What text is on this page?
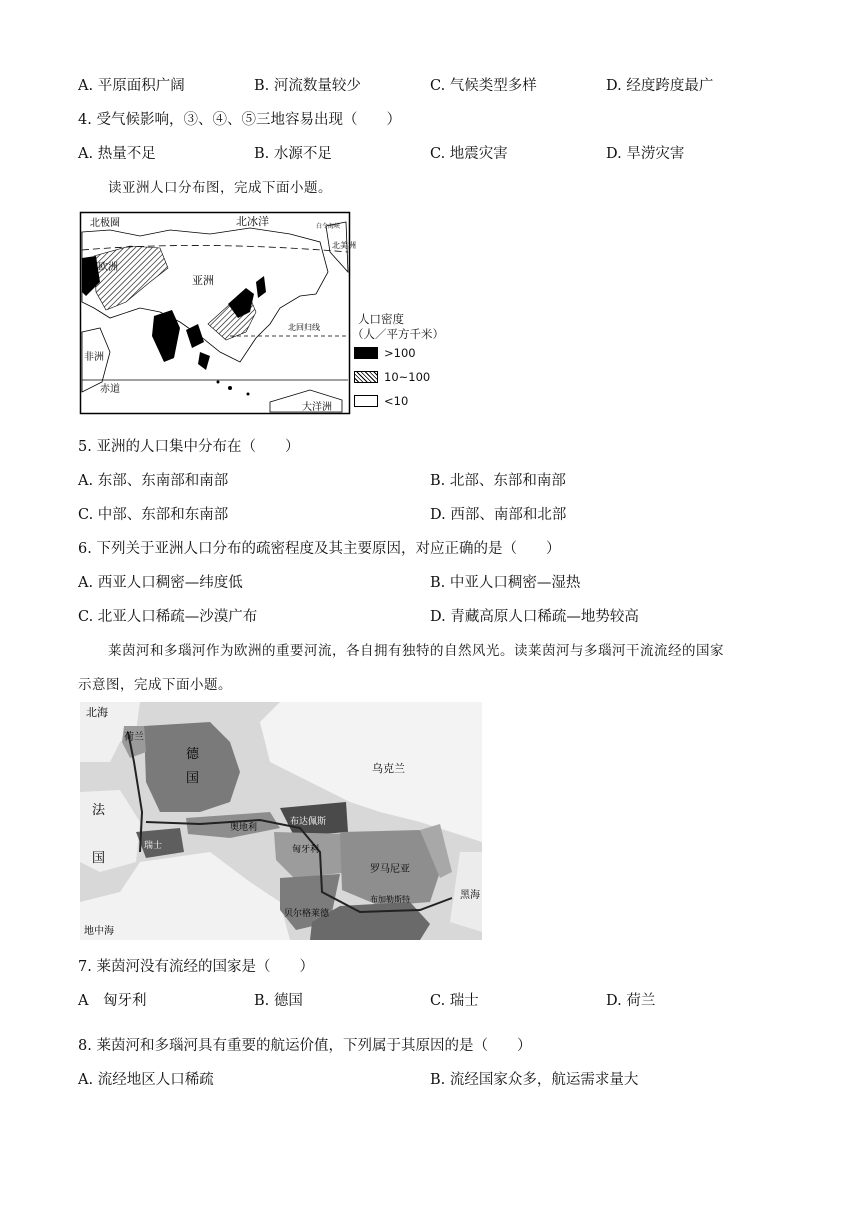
A. 平原面积广阔	B. 河流数量较少	C. 气候类型多样	D. 经度跨度最广
4. 受气候影响，③、④、⑤三地容易出现（　　）
A. 热量不足	B. 水源不足	C. 地震灾害	D. 旱涝灾害
读亚洲人口分布图，完成下面小题。
北极圈	北冰洋
欧洲
亚洲
非洲
赤道
北回归线
大洋洲
北美洲
白令海峡
人口密度
（人／平方千米）
>100
10~100
<10
5. 亚洲的人口集中分布在（　　）
A. 东部、东南部和南部	B. 北部、东部和南部
C. 中部、东部和东南部	D. 西部、南部和北部
6. 下列关于亚洲人口分布的疏密程度及其主要原因，对应正确的是（　　）
A. 西亚人口稠密—纬度低	B. 中亚人口稠密—湿热
C. 北亚人口稀疏—沙漠广布	D. 青藏高原人口稀疏—地势较高
莱茵河和多瑙河作为欧洲的重要河流，各自拥有独特的自然风光。读莱茵河与多瑙河干流流经的国家
示意图，完成下面小题。
北海
荷兰
法
国
德
国
瑞士
奥地利
匈牙利
布达佩斯
乌克兰
罗马尼亚
布加勒斯特
贝尔格莱德
黑海
地中海
7. 莱茵河没有流经的国家是（　　）
A　匈牙利	B. 德国	C. 瑞士	D. 荷兰
8. 莱茵河和多瑙河具有重要的航运价值，下列属于其原因的是（　　）
A. 流经地区人口稀疏	B. 流经国家众多，航运需求量大
